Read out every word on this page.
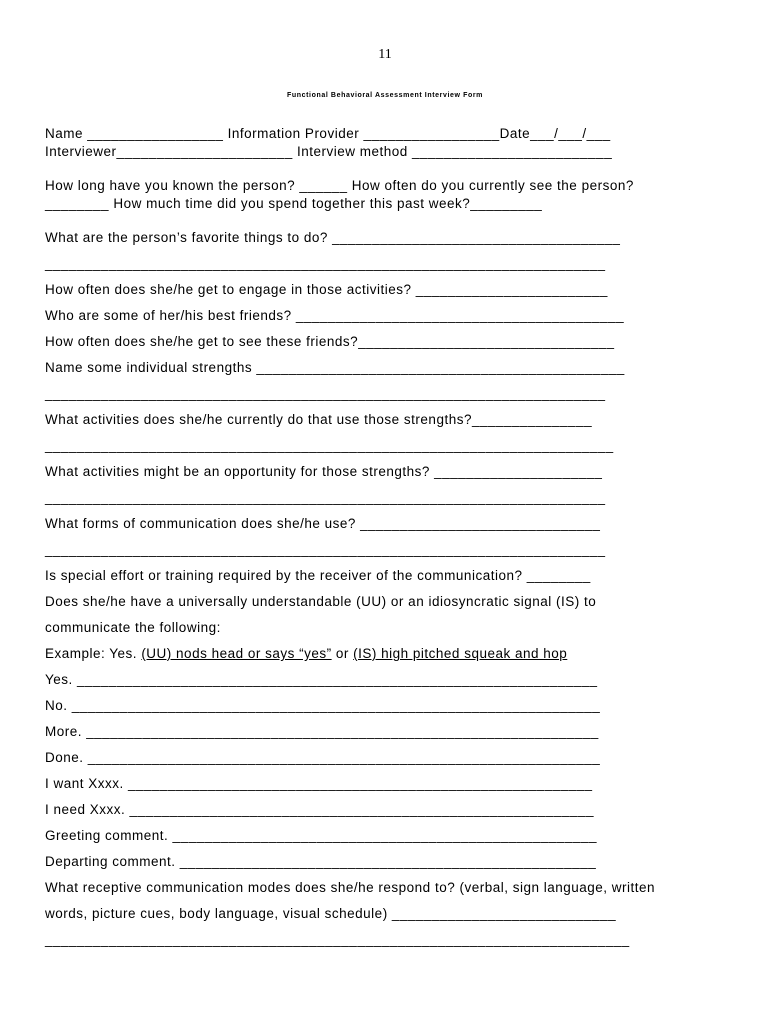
11
Functional Behavioral Assessment Interview Form
Name _________________ Information Provider _________________Date___/___/___
Interviewer______________________ Interview method _________________________
How long have you known the person? ______ How often do you currently see the person?
________ How much time did you spend together this past week?_________
What are the person’s favorite things to do? ____________________________________
______________________________________________________________________
How often does she/he get to engage in those activities? ________________________
Who are some of her/his best friends? _________________________________________
How often does she/he get to see these friends?________________________________
Name some individual strengths ______________________________________________
______________________________________________________________________
What activities does she/he currently do that use those strengths?_______________
_______________________________________________________________________
What activities might be an opportunity for those strengths? _____________________
______________________________________________________________________
What forms of communication does she/he use? ______________________________
______________________________________________________________________
Is special effort or training required by the receiver of the communication? ________
Does she/he have a universally understandable (UU) or an idiosyncratic signal (IS) to
communicate the following:
Example: Yes. (UU) nods head or says “yes” or (IS) high pitched squeak and hop
Yes. _________________________________________________________________
No. __________________________________________________________________
More. ________________________________________________________________
Done. ________________________________________________________________
I want Xxxx. __________________________________________________________
I need Xxxx. __________________________________________________________
Greeting comment. _____________________________________________________
Departing comment. ____________________________________________________
What receptive communication modes does she/he respond to? (verbal, sign language, written
words, picture cues, body language, visual schedule) ____________________________
_________________________________________________________________________
